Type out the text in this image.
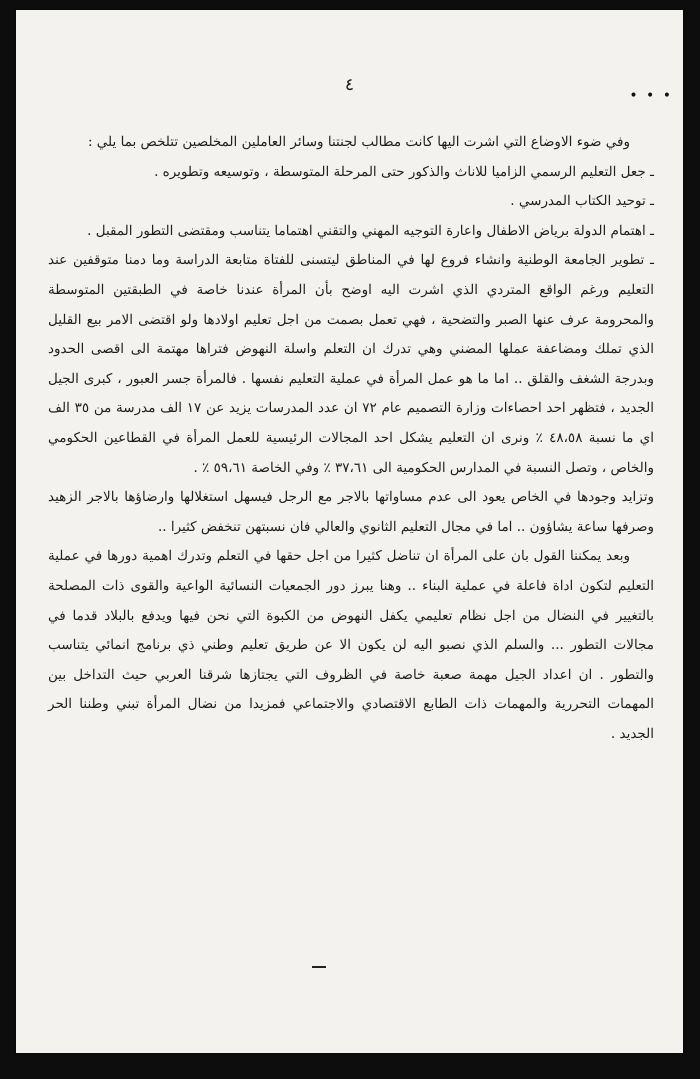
٤
• • •

وفي ضوء الاوضاع التي اشرت اليها كانت مطالب لجنتنا وسائر العاملين المخلصين تتلخص بما يلي :

ـ جعل التعليم الرسمي الزاميا للاناث والذكور حتى المرحلة المتوسطة ، وتوسيعه وتطويره .

ـ توحيد الكتاب المدرسي .

ـ اهتمام الدولة برياض الاطفال واعارة التوجيه المهني والتقني اهتماما يتناسب ومقتضى التطور المقبل .

ـ تطوير الجامعة الوطنية وانشاء فروع لها في المناطق ليتسنى للفتاة متابعة الدراسة وما دمنا متوقفين عند التعليم ورغم الواقع المتردي الذي اشرت اليه اوضح بأن المرأة عندنا خاصة في الطبقتين المتوسطة والمحرومة عرف عنها الصبر والتضحية ، فهي تعمل بصمت من اجل تعليم اولادها ولو اقتضى الامر بيع القليل الذي تملك ومضاعفة عملها المضني وهي تدرك ان التعلم واسلة النهوض فتراها مهتمة الى اقصى الحدود وبدرجة الشغف والقلق .. اما ما هو عمل المرأة في عملية التعليم نفسها . فالمرأة جسر العبور ، كبرى الجيل الجديد ، فتظهر احد احصاءات وزارة التصميم عام ٧٢ ان عدد المدرسات يزيد عن ١٧ الف مدرسة من ٣٥ الف اي ما نسبة ٤٨،٥٨ ٪ ونرى ان التعليم يشكل احد المجالات الرئيسية للعمل المرأة في القطاعين الحكومي والخاص ، وتصل النسبة في المدارس الحكومية الى ٣٧،٦١ ٪ وفي الخاصة ٥٩،٦١ ٪ .

وتزايد وجودها في الخاص يعود الى عدم مساواتها بالاجر مع الرجل فيسهل استغلالها وارضاؤها بالاجر الزهيد وصرفها ساعة يشاؤون .. اما في مجال التعليم الثانوي والعالي فان نسبتهن تنخفض كثيرا ..

وبعد يمكننا القول بان على المرأة ان تناضل كثيرا من اجل حقها في التعلم وتدرك اهمية دورها في عملية التعليم لتكون اداة فاعلة في عملية البناء .. وهنا يبرز دور الجمعيات النسائية الواعية والقوى ذات المصلحة بالتغيير في النضال من اجل نظام تعليمي يكفل النهوض من الكبوة التي نحن فيها ويدفع بالبلاد قدما في مجالات التطور ... والسلم الذي نصبو اليه لن يكون الا عن طريق تعليم وطني ذي برنامج انمائي يتناسب والتطور . ان اعداد الجيل مهمة صعبة خاصة في الظروف التي يجتازها شرقنا العربي حيث التداخل بين المهمات التحررية والمهمات ذات الطابع الاقتصادي والاجتماعي فمزيدا من نضال المرأة تبني وطننا الحر الجديد .
